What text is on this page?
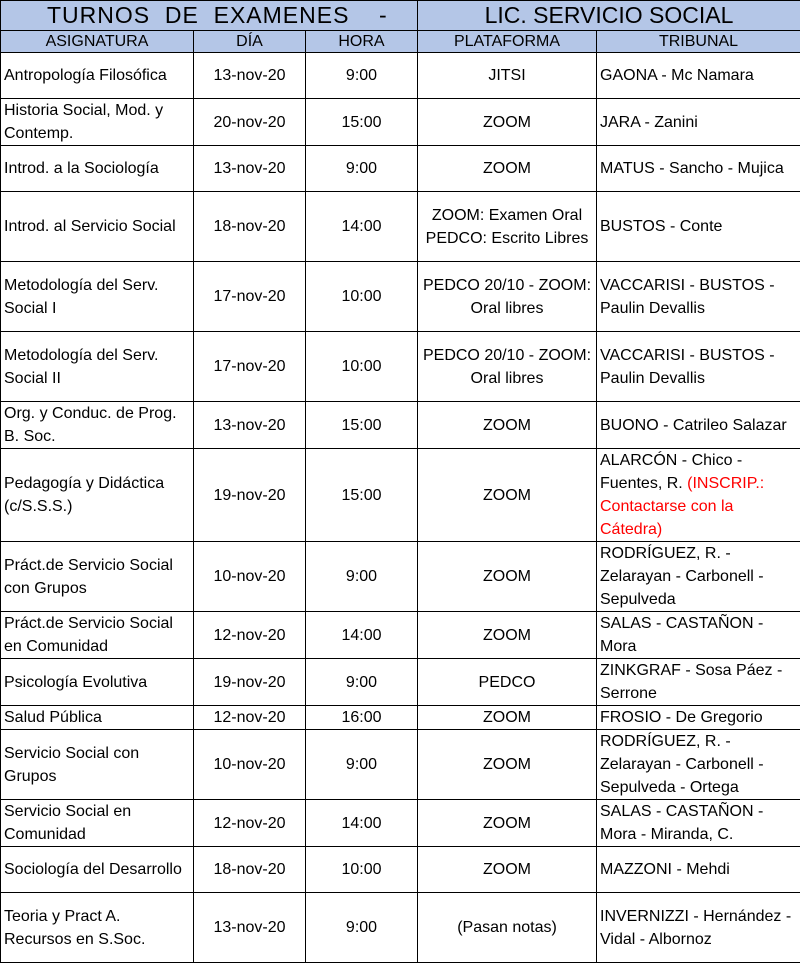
TURNOS  DE  EXAMENES    -			LIC. SERVICIO SOCIAL	
ASIGNATURA	DÍA	HORA	PLATAFORMA	TRIBUNAL
Antropología Filosófica	13-nov-20	9:00	JITSI	GAONA - Mc Namara
Historia Social, Mod. y Contemp.	20-nov-20	15:00	ZOOM	JARA - Zanini
Introd. a la Sociología	13-nov-20	9:00	ZOOM	MATUS - Sancho - Mujica
Introd. al Servicio Social	18-nov-20	14:00	ZOOM: Examen Oral PEDCO: Escrito Libres	BUSTOS - Conte
Metodología del Serv. Social I	17-nov-20	10:00	PEDCO 20/10 - ZOOM: Oral libres	VACCARISI - BUSTOS - Paulin Devallis
Metodología del Serv. Social II	17-nov-20	10:00	PEDCO 20/10 - ZOOM: Oral libres	VACCARISI - BUSTOS - Paulin Devallis
Org. y Conduc. de Prog. B. Soc.	13-nov-20	15:00	ZOOM	BUONO - Catrileo Salazar
Pedagogía y Didáctica (c/S.S.S.)	19-nov-20	15:00	ZOOM	ALARCÓN - Chico - Fuentes, R. (INSCRIP.: Contactarse con la Cátedra)
Práct.de Servicio Social con Grupos	10-nov-20	9:00	ZOOM	RODRÍGUEZ, R. - Zelarayan - Carbonell - Sepulveda
Práct.de Servicio Social en Comunidad	12-nov-20	14:00	ZOOM	SALAS - CASTAÑON - Mora
Psicología Evolutiva	19-nov-20	9:00	PEDCO	ZINKGRAF - Sosa Páez - Serrone
Salud Pública	12-nov-20	16:00	ZOOM	FROSIO - De Gregorio
Servicio Social con Grupos	10-nov-20	9:00	ZOOM	RODRÍGUEZ, R. - Zelarayan - Carbonell - Sepulveda - Ortega
Servicio Social en Comunidad	12-nov-20	14:00	ZOOM	SALAS - CASTAÑON - Mora - Miranda, C.
Sociología del Desarrollo	18-nov-20	10:00	ZOOM	MAZZONI - Mehdi
Teoria y Pract A. Recursos en S.Soc.	13-nov-20	9:00	(Pasan notas)	INVERNIZZI - Hernández - Vidal - Albornoz
